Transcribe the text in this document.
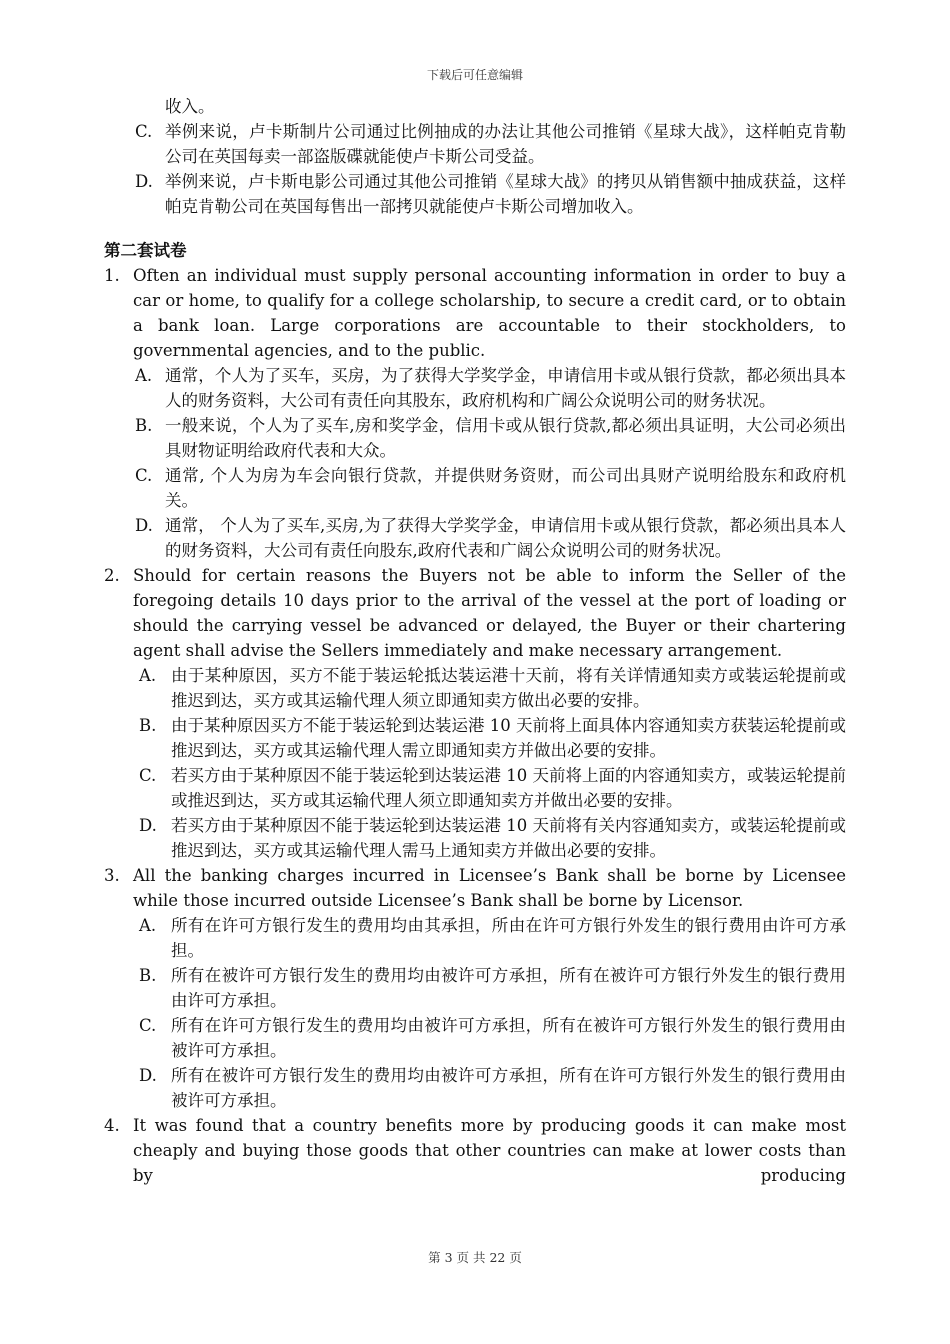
下载后可任意编辑
收入。
C. 举例来说，卢卡斯制片公司通过比例抽成的办法让其他公司推销《星球大战》，这样帕克肯勒公司在英国每卖一部盗版碟就能使卢卡斯公司受益。
D. 举例来说，卢卡斯电影公司通过其他公司推销《星球大战》的拷贝从销售额中抽成获益，这样帕克肯勒公司在英国每售出一部拷贝就能使卢卡斯公司增加收入。
第二套试卷
1. Often an individual must supply personal accounting information in order to buy a car or home, to qualify for a college scholarship, to secure a credit card, or to obtain a bank loan. Large corporations are accountable to their stockholders, to governmental agencies, and to the public.
A. 通常，个人为了买车，买房，为了获得大学奖学金，申请信用卡或从银行贷款，都必须出具本人的财务资料，大公司有责任向其股东，政府机构和广阔公众说明公司的财务状况。
B. 一般来说，个人为了买车,房和奖学金，信用卡或从银行贷款,都必须出具证明，大公司必须出具财物证明给政府代表和大众。
C. 通常, 个人为房为车会向银行贷款，并提供财务资财，而公司出具财产说明给股东和政府机关。
D. 通常， 个人为了买车,买房,为了获得大学奖学金，申请信用卡或从银行贷款，都必须出具本人的财务资料，大公司有责任向股东,政府代表和广阔公众说明公司的财务状况。
2. Should for certain reasons the Buyers not be able to inform the Seller of the foregoing details 10 days prior to the arrival of the vessel at the port of loading or should the carrying vessel be advanced or delayed, the Buyer or their chartering agent shall advise the Sellers immediately and make necessary arrangement.
A. 由于某种原因，买方不能于装运轮抵达装运港十天前，将有关详情通知卖方或装运轮提前或推迟到达，买方或其运输代理人须立即通知卖方做出必要的安排。
B. 由于某种原因买方不能于装运轮到达装运港 10 天前将上面具体内容通知卖方获装运轮提前或推迟到达，买方或其运输代理人需立即通知卖方并做出必要的安排。
C. 若买方由于某种原因不能于装运轮到达装运港 10 天前将上面的内容通知卖方，或装运轮提前或推迟到达，买方或其运输代理人须立即通知卖方并做出必要的安排。
D. 若买方由于某种原因不能于装运轮到达装运港 10 天前将有关内容通知卖方，或装运轮提前或推迟到达，买方或其运输代理人需马上通知卖方并做出必要的安排。
3. All the banking charges incurred in Licensee’s Bank shall be borne by Licensee while those incurred outside Licensee’s Bank shall be borne by Licensor.
A. 所有在许可方银行发生的费用均由其承担，所由在许可方银行外发生的银行费用由许可方承担。
B. 所有在被许可方银行发生的费用均由被许可方承担，所有在被许可方银行外发生的银行费用由许可方承担。
C. 所有在许可方银行发生的费用均由被许可方承担，所有在被许可方银行外发生的银行费用由被许可方承担。
D. 所有在被许可方银行发生的费用均由被许可方承担，所有在许可方银行外发生的银行费用由被许可方承担。
4. It was found that a country benefits more by producing goods it can make most cheaply and buying those goods that other countries can make at lower costs than by producing
第 3 页 共 22 页
